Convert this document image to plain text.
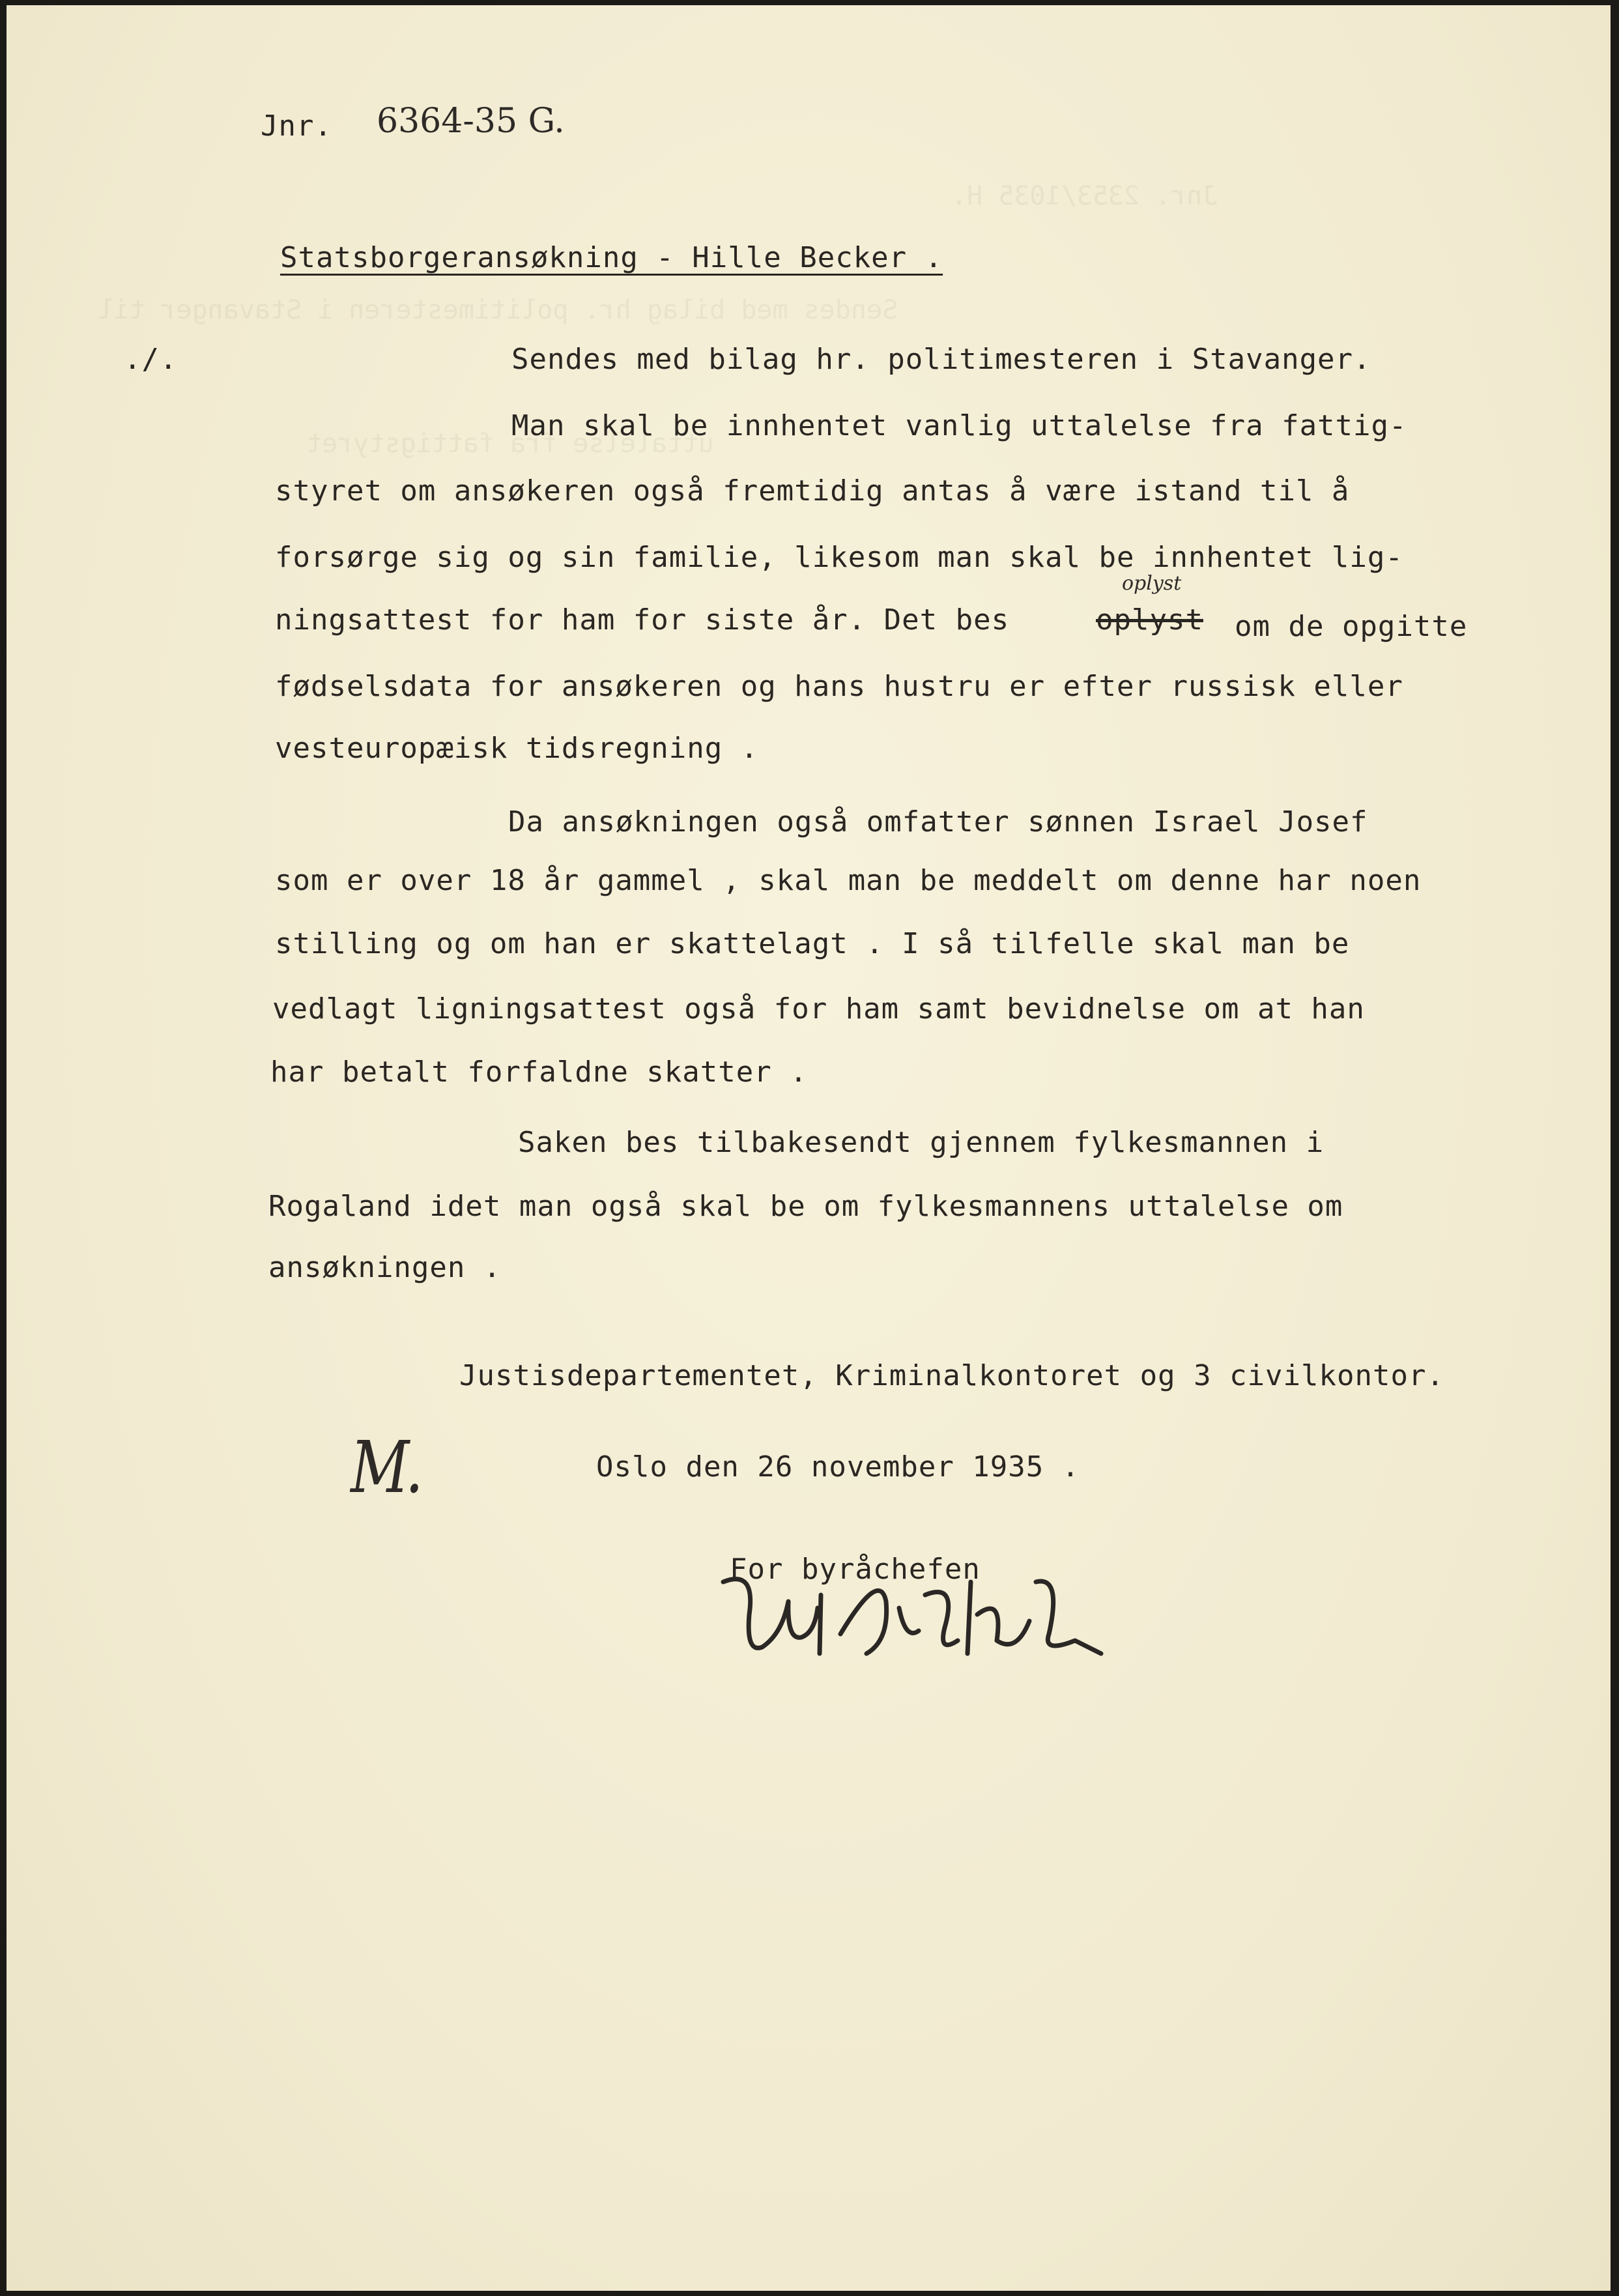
Jnr. 2353/1035 H.
Sendes med bilag hr. politimesteren i Stavanger til
uttalelse fra fattigstyret
Jnr. 6364-35 G.
Statsborgeransøkning - Hille Becker .
./.	Sendes med bilag hr. politimesteren i Stavanger.
Man skal be innhentet vanlig uttalelse fra fattig-
styret om ansøkeren også fremtidig antas å være istand til å
forsørge sig og sin familie, likesom man skal be innhentet lig-
ningsattest for ham for siste år. Det bes	oplyst
oplyst
om de opgitte
fødselsdata for ansøkeren og hans hustru er efter russisk eller
vesteuropæisk tidsregning .
Da ansøkningen også omfatter sønnen Israel Josef
som er over 18 år gammel , skal man be meddelt om denne har noen
stilling og om han er skattelagt . I så tilfelle skal man be
vedlagt ligningsattest også for ham samt bevidnelse om at han
har betalt forfaldne skatter .
Saken bes tilbakesendt gjennem fylkesmannen i
Rogaland idet man også skal be om fylkesmannens uttalelse om
ansøkningen .
Justisdepartementet, Kriminalkontoret og 3 civilkontor.
M.	Oslo den 26 november 1935 .
For byråchefen
